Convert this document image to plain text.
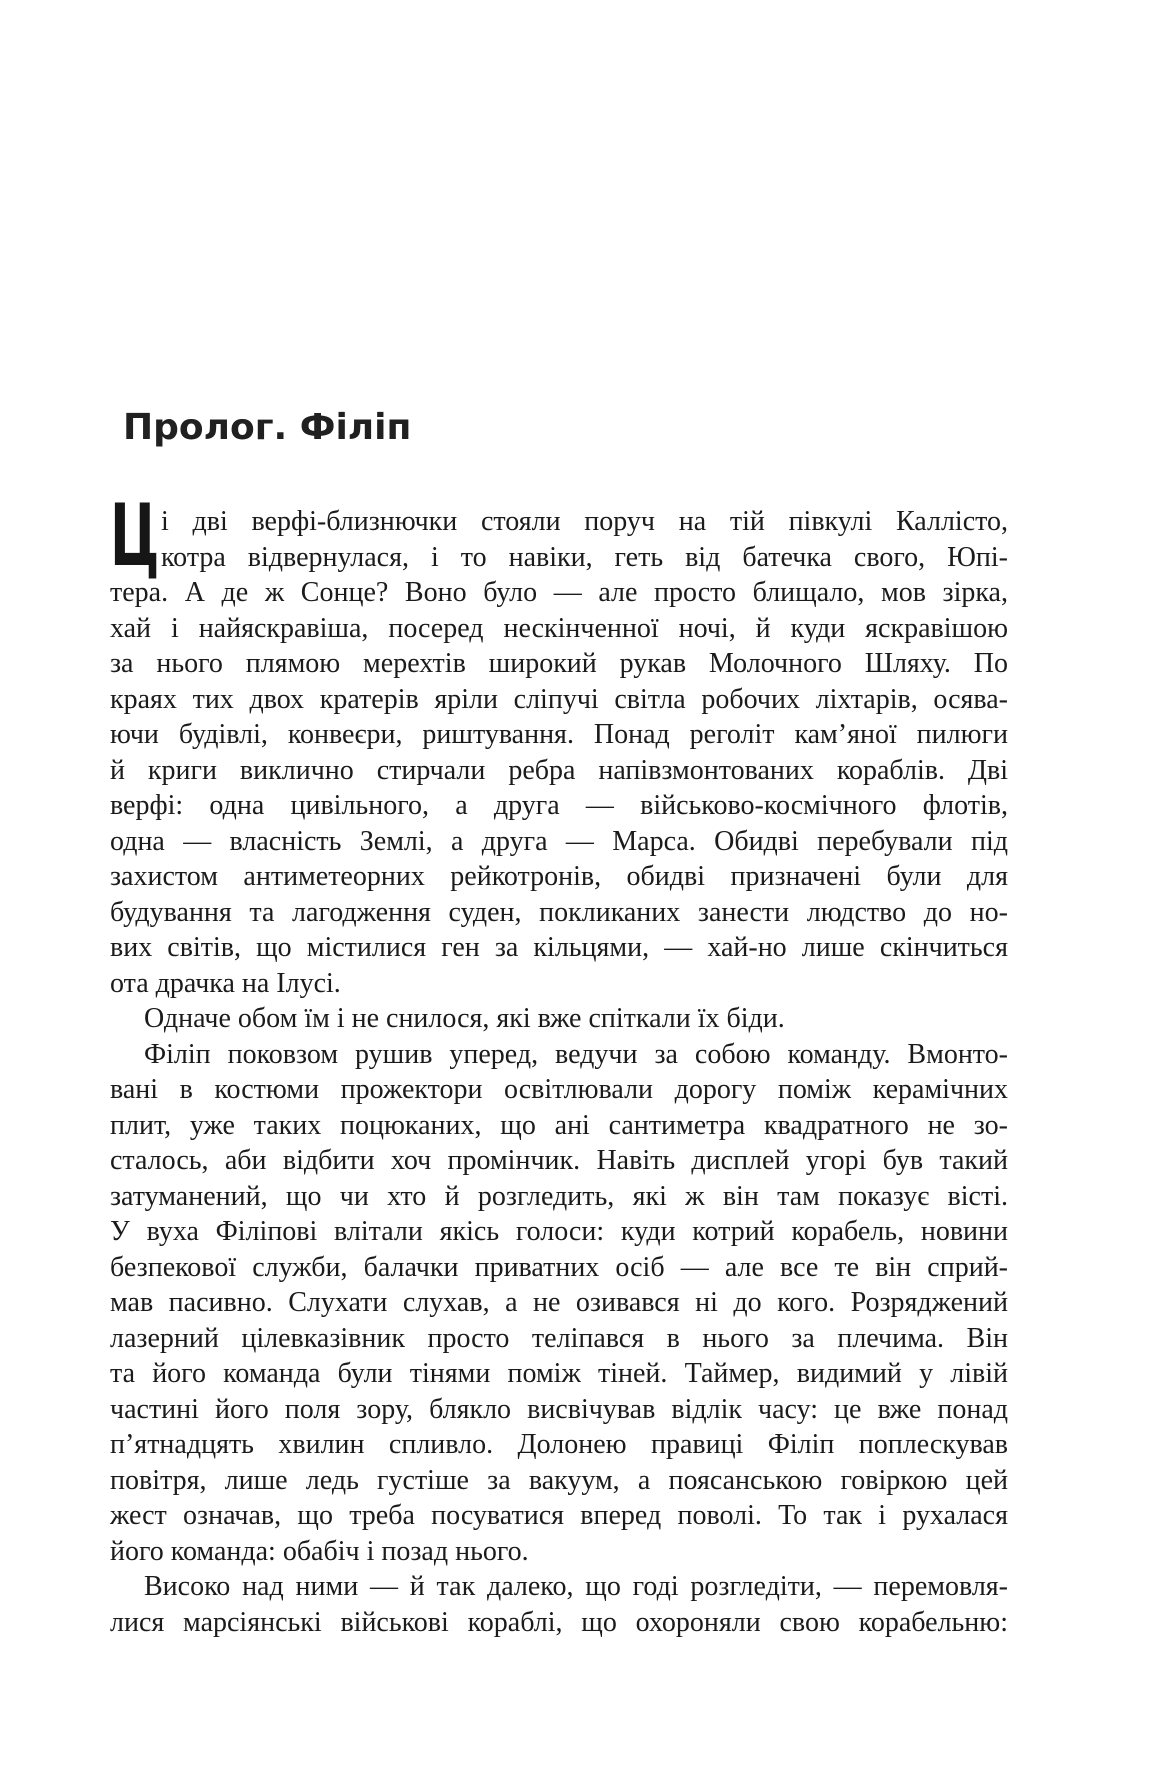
Пролог. Філіп
Ц і дві верфі-близнючки стояли поруч на тій півкулі Каллісто,
котра відвернулася, і то навіки, геть від батечка свого, Юпі-
тера. А де ж Сонце? Воно було — але просто блищало, мов зірка,
хай і найяскравіша, посеред нескінченної ночі, й куди яскравішою
за нього плямою мерехтів широкий рукав Молочного Шляху. По
краях тих двох кратерів яріли сліпучі світла робочих ліхтарів, осява-
ючи будівлі, конвеєри, риштування. Понад реголіт кам’яної пилюги
й криги виклично стирчали ребра напівзмонтованих кораблів. Дві
верфі: одна цивільного, а друга — військово-космічного флотів,
одна — власність Землі, а друга — Марса. Обидві перебували під
захистом антиметеорних рейкотронів, обидві призначені були для
будування та лагодження суден, покликаних занести людство до но-
вих світів, що містилися ген за кільцями, — хай-но лише скінчиться
ота драчка на Ілусі.
Одначе обом їм і не снилося, які вже спіткали їх біди.
Філіп поковзом рушив уперед, ведучи за собою команду. Вмонто-
вані в костюми прожектори освітлювали дорогу поміж керамічних
плит, уже таких поцюканих, що ані сантиметра квадратного не зо-
сталось, аби відбити хоч промінчик. Навіть дисплей угорі був такий
затуманений, що чи хто й розгледить, які ж він там показує вісті.
У вуха Філіпові влітали якісь голоси: куди котрий корабель, новини
безпекової служби, балачки приватних осіб — але все те він сприй-
мав пасивно. Слухати слухав, а не озивався ні до кого. Розряджений
лазерний цілевказівник просто теліпався в нього за плечима. Він
та його команда були тінями поміж тіней. Таймер, видимий у лівій
частині його поля зору, блякло висвічував відлік часу: це вже понад
п’ятнадцять хвилин спливло. Долонею правиці Філіп поплескував
повітря, лише ледь густіше за вакуум, а поясанською говіркою цей
жест означав, що треба посуватися вперед поволі. То так і рухалася
його команда: обабіч і позад нього.
Високо над ними — й так далеко, що годі розгледіти, — перемовля-
лися марсіянські військові кораблі, що охороняли свою корабельню:
